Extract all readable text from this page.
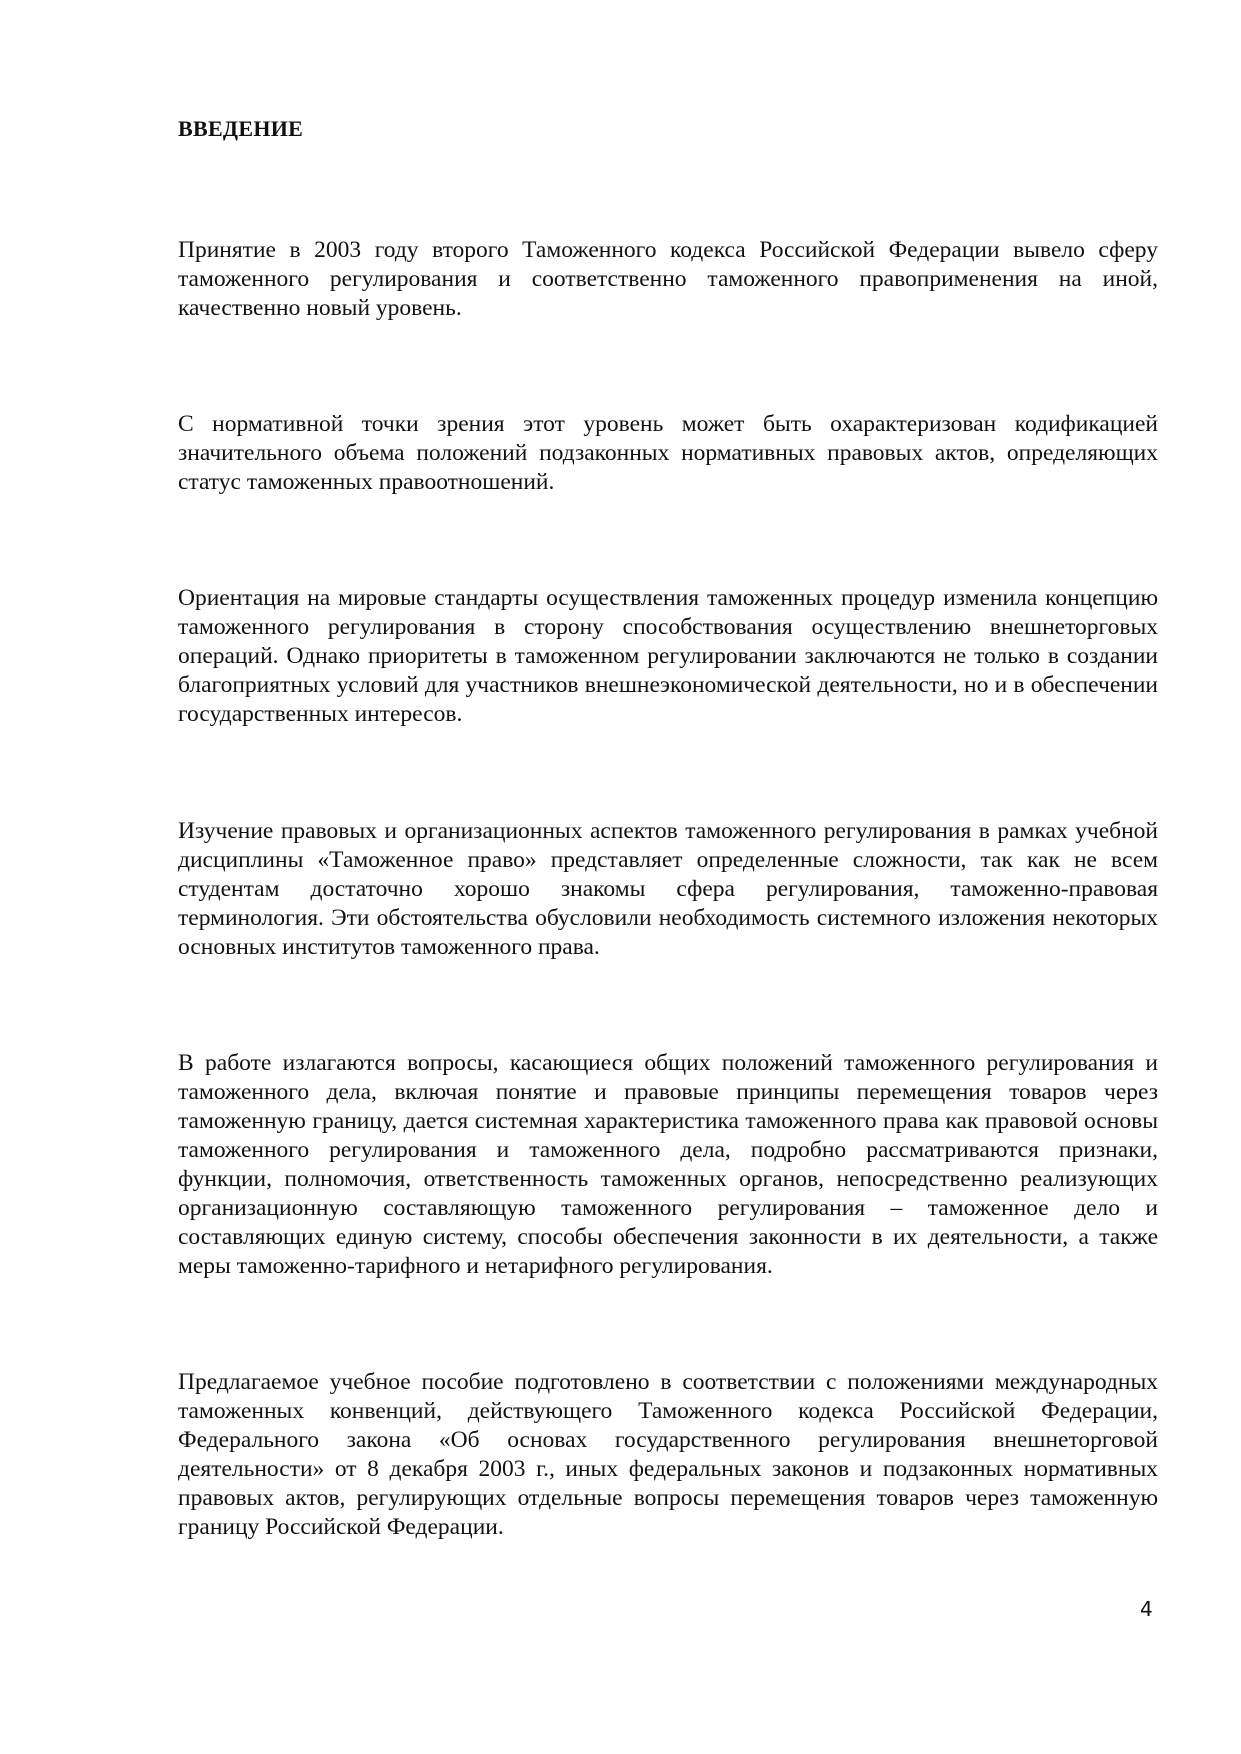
ВВЕДЕНИЕ

Принятие в 2003 году второго Таможенного кодекса Российской Федерации вывело сферу таможенного регулирования и соответственно таможенного правоприменения на иной, качественно новый уровень.

С нормативной точки зрения этот уровень может быть охарактеризован кодификацией значительного объема положений подзаконных нормативных правовых актов, определяющих статус таможенных правоотношений.

Ориентация на мировые стандарты осуществления таможенных процедур изменила концепцию таможенного регулирования в сторону способствования осуществлению внешнеторговых операций. Однако приоритеты в таможенном регулировании заключаются не только в создании благоприятных условий для участников внешнеэкономической деятельности, но и в обеспечении государственных интересов.

Изучение правовых и организационных аспектов таможенного регулирования в рамках учебной дисциплины «Таможенное право» представляет определенные сложности, так как не всем студентам достаточно хорошо знакомы сфера регулирования, таможенно-правовая терминология. Эти обстоятельства обусловили необходимость системного изложения некоторых основных институтов таможенного права.

В работе излагаются вопросы, касающиеся общих положений таможенного регулирования и таможенного дела, включая понятие и правовые принципы перемещения товаров через таможенную границу, дается системная характеристика таможенного права как правовой основы таможенного регулирования и таможенного дела, подробно рассматриваются признаки, функции, полномочия, ответственность таможенных органов, непосредственно реализующих организационную составляющую таможенного регулирования – таможенное дело и составляющих единую систему, способы обеспечения законности в их деятельности, а также меры таможенно-тарифного и нетарифного регулирования.

Предлагаемое учебное пособие подготовлено в соответствии с положениями международных таможенных конвенций, действующего Таможенного кодекса Российской Федерации, Федерального закона «Об основах государственного регулирования внешнеторговой деятельности» от 8 декабря 2003 г., иных федеральных законов и подзаконных нормативных правовых актов, регулирующих отдельные вопросы перемещения товаров через таможенную границу Российской Федерации.

4
